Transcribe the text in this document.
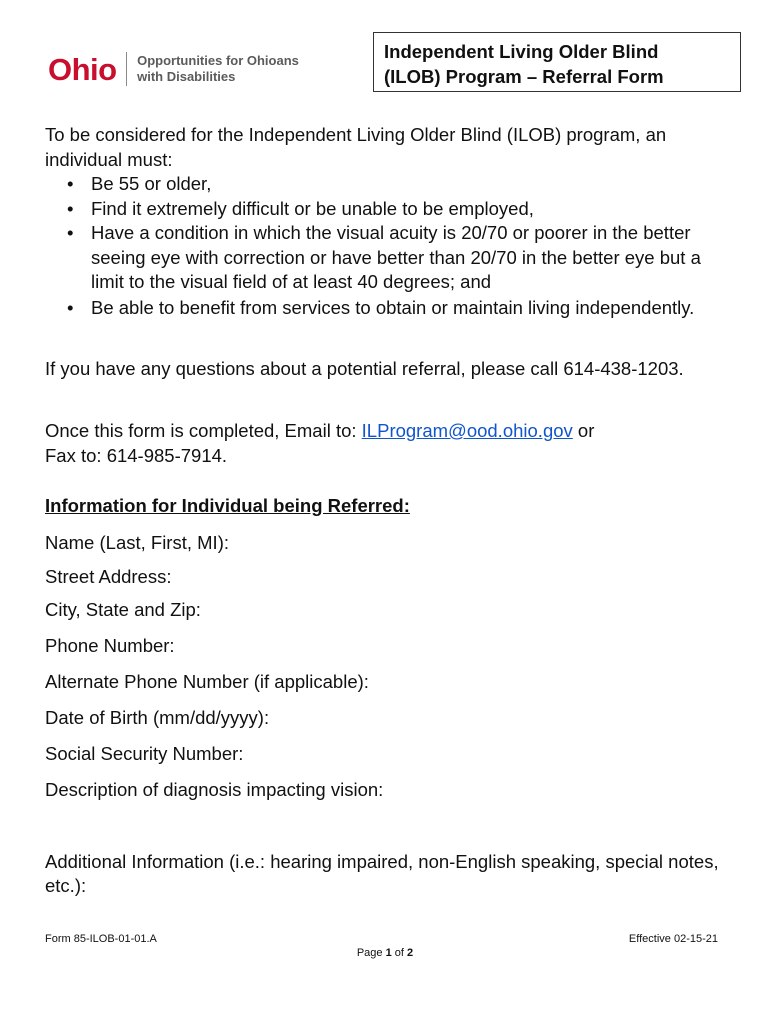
Ohio Opportunities for Ohioans
with Disabilities
Independent Living Older Blind
(ILOB) Program – Referral Form

To be considered for the Independent Living Older Blind (ILOB) program, an individual must:

• Be 55 or older,
• Find it extremely difficult or be unable to be employed,
• Have a condition in which the visual acuity is 20/70 or poorer in the better seeing eye with correction or have better than 20/70 in the better eye but a limit to the visual field of at least 40 degrees; and
• Be able to benefit from services to obtain or maintain living independently.

If you have any questions about a potential referral, please call 614-438-1203.

Once this form is completed, Email to: ILProgram@ood.ohio.gov or

Fax to: 614-985-7914.

Information for Individual being Referred:

Name (Last, First, MI):
Street Address:
City, State and Zip:
Phone Number:
Alternate Phone Number (if applicable):
Date of Birth (mm/dd/yyyy):
Social Security Number:
Description of diagnosis impacting vision:
Additional Information (i.e.: hearing impaired, non-English speaking, special notes, etc.):
Form 85-ILOB-01-01.A	Effective 02-15-21
Page 1 of 2
